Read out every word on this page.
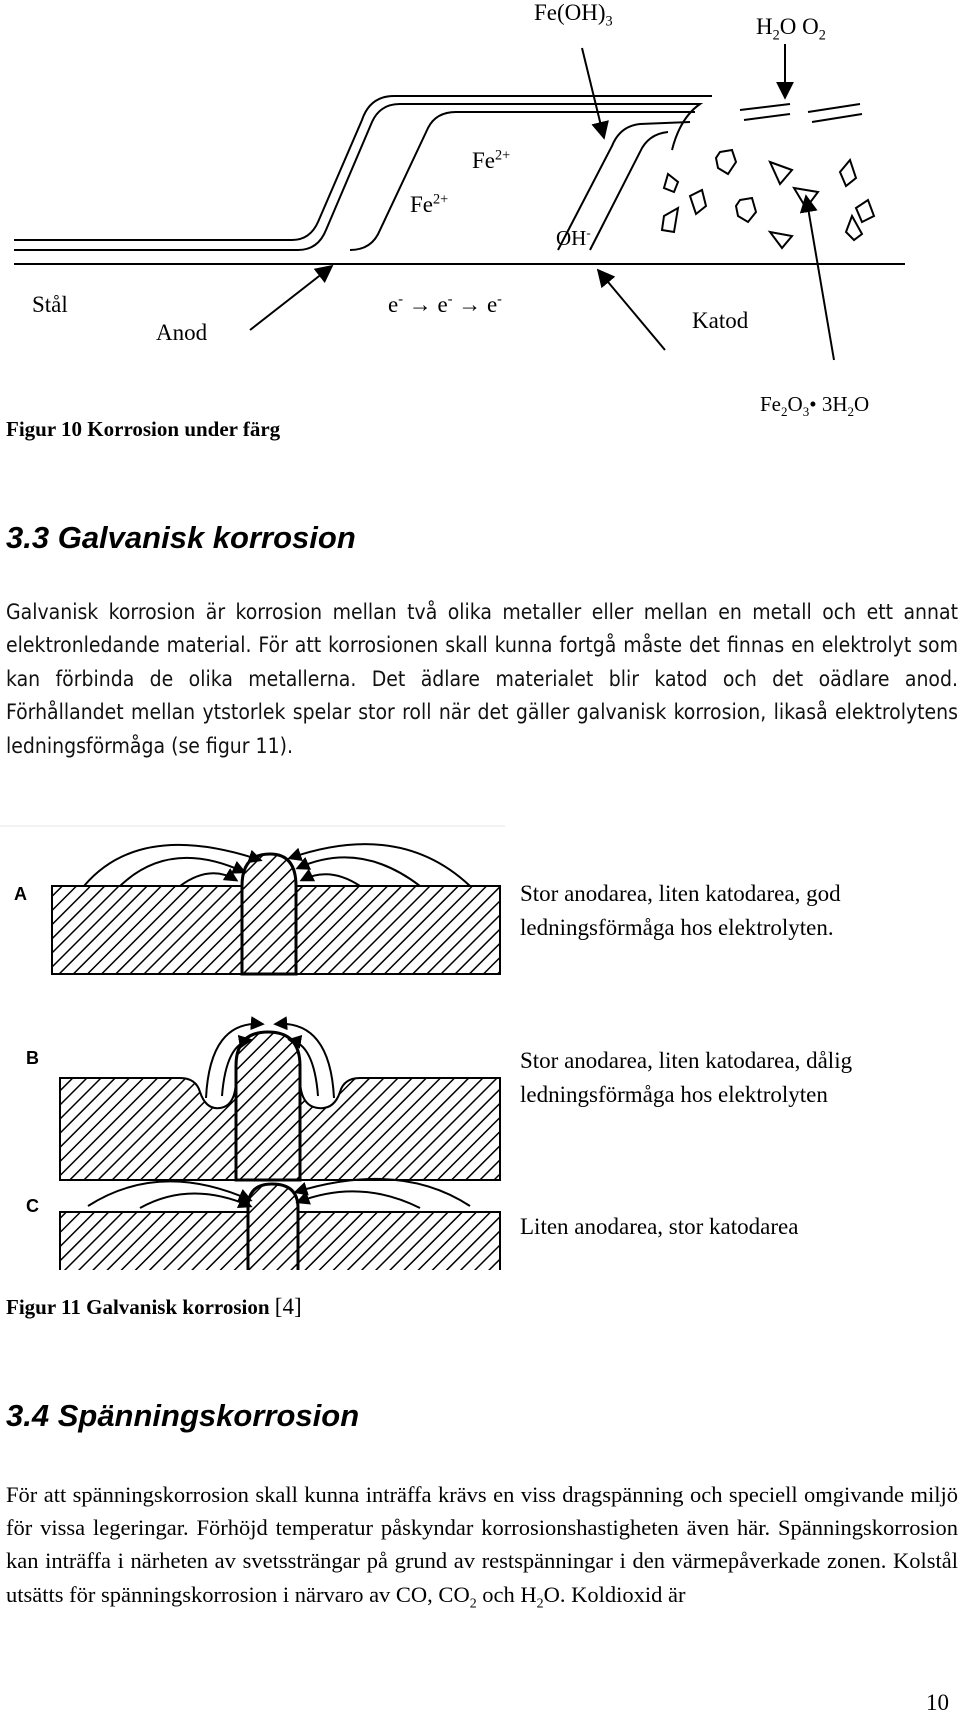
$Fe(OH)_3$	$H_2O$ $O_2$
$Fe^{2+}$
$Fe^{2+}$
OH-
Stål
Anod
e- → e- → e-
Katod
$Fe_2O_3•$ $3H_2O$
Figur 10 Korrosion under färg
3.3 Galvanisk korrosion

Galvanisk korrosion är korrosion mellan två olika metaller eller mellan en metall och ett annat elektronledande material. För att korrosionen skall kunna fortgå måste det finnas en elektrolyt som kan förbinda de olika metallerna. Det ädlare materialet blir katod och det oädlare anod. Förhållandet mellan ytstorlek spelar stor roll när det gäller galvanisk korrosion, likaså elektrolytens ledningsförmåga (se figur 11).

A	Stor anodarea, liten katodarea, god
ledningsförmåga hos elektrolyten.
B	Stor anodarea, liten katodarea, dålig
ledningsförmåga hos elektrolyten
C
Liten anodarea, stor katodarea
Figur 11 Galvanisk korrosion [4]
3.4 Spänningskorrosion

För att spänningskorrosion skall kunna inträffa krävs en viss dragspänning och speciell omgivande miljö för vissa legeringar. Förhöjd temperatur påskyndar korrosionshastigheten även här. Spänningskorrosion kan inträffa i närheten av svetssträngar på grund av restspänningar i den värmepåverkade zonen. Kolstål utsätts för spänningskorrosion i närvaro av CO, $CO_2$ och $H_2O$. Koldioxid är

10
